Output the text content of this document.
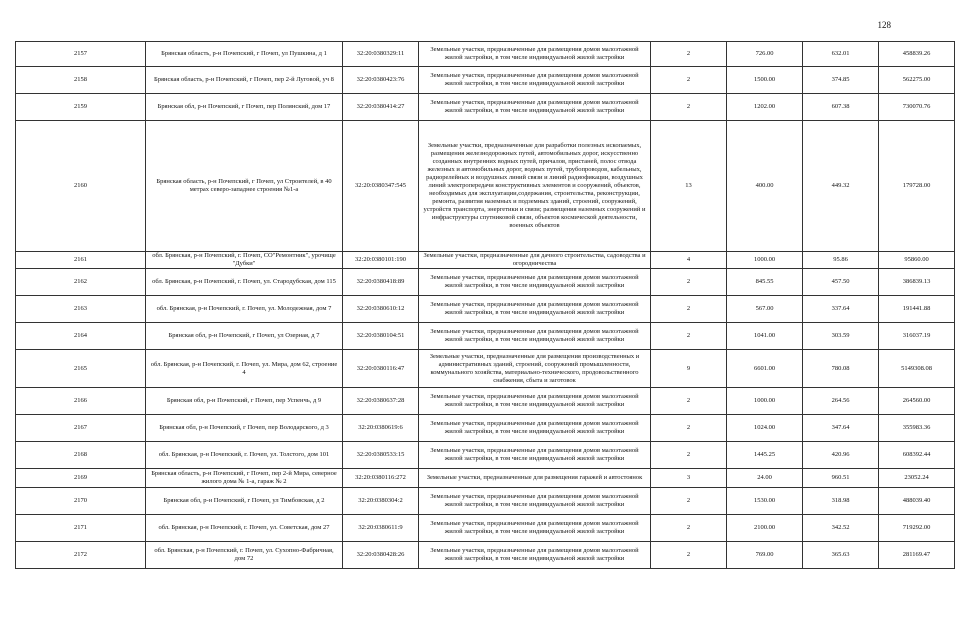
128
2157	Брянская область, р-н Почепский, г Почеп, ул Пушкина, д 1	32:20:0380329:11	Земельные участки, предназначенные для размещения домов малоэтажной жилой застройки, в том числе индивидуальной жилой застройки	2	726.00	632.01	458839.26
2158	Брянская область, р-н Почепский, г Почеп, пер 2-й Луговой, уч 8	32:20:0380423:76	Земельные участки, предназначенные для размещения домов малоэтажной жилой застройки, в том числе индивидуальной жилой застройки	2	1500.00	374.85	562275.00
2159	Брянская обл, р-н Почепский, г Почеп, пер Полянский, дом 17	32:20:0380414:27	Земельные участки, предназначенные для размещения домов малоэтажной жилой застройки, в том числе индивидуальной жилой застройки	2	1202.00	607.38	730070.76
2160	Брянская область, р-н Почепский, г Почеп, ул Строителей, в 40 метрах северо-западнее строения №1-а	32:20:0380347:545	Земельные участки, предназначенные для разработки полезных ископаемых, размещения железнодорожных путей, автомобильных дорог, искусственно созданных внутренних водных путей, причалов, пристаней, полос отвода железных и автомобильных дорог, водных путей, трубопроводов, кабельных, радиорелейных и воздушных линий связи и линий радиофикации, воздушных линий электропередачи конструктивных элементов и сооружений, объектов, необходимых для эксплуатации,содержания, строительства, реконструкции, ремонта, развития наземных и подземных зданий, строений, сооружений, устройств транспорта, энергетики и связи; размещения наземных сооружений и инфраструктуры спутниковой связи, объектов космической деятельности, военных объектов	13	400.00	449.32	179728.00
2161	обл. Брянская, р-н Почепский, г. Почеп, СО"Ремонтник", урочище "Дубки"	32:20:0380101:190	Земельные участки, предназначенные для дачного строительства, садоводства и огородничества	4	1000.00	95.86	95860.00
2162	обл. Брянская, р-н Почепский, г. Почеп, ул. Стародубская, дом 115	32:20:0380418:89	Земельные участки, предназначенные для размещения домов малоэтажной жилой застройки, в том числе индивидуальной жилой застройки	2	845.55	457.50	386839.13
2163	обл. Брянская, р-н Почепский, г. Почеп, ул. Молодежная, дом 7	32:20:0380610:12	Земельные участки, предназначенные для размещения домов малоэтажной жилой застройки, в том числе индивидуальной жилой застройки	2	567.00	337.64	191441.88
2164	Брянская обл, р-н Почепский, г Почеп, ул Озерная, д 7	32:20:0380104:51	Земельные участки, предназначенные для размещения домов малоэтажной жилой застройки, в том числе индивидуальной жилой застройки	2	1041.00	303.59	316037.19
2165	обл. Брянская, р-н Почепский, г. Почеп, ул. Мира, дом 62, строение 4	32:20:0380116:47	Земельные участки, предназначенные для размещения производственных и административных зданий, строений, сооружений промышленности, коммунального хозяйства, материально-технического, продовольственного снабжения, сбыта и заготовок	9	6601.00	780.08	5149308.08
2166	Брянская обл, р-н Почепский, г Почеп, пер Успенчь, д 9	32:20:0380637:28	Земельные участки, предназначенные для размещения домов малоэтажной жилой застройки, в том числе индивидуальной жилой застройки	2	1000.00	264.56	264560.00
2167	Брянская обл, р-н Почепский, г Почеп, пер Володарского, д 3	32:20:0380619:6	Земельные участки, предназначенные для размещения домов малоэтажной жилой застройки, в том числе индивидуальной жилой застройки	2	1024.00	347.64	355983.36
2168	обл. Брянская, р-н Почепский, г. Почеп, ул. Толстого, дом 101	32:20:0380533:15	Земельные участки, предназначенные для размещения домов малоэтажной жилой застройки, в том числе индивидуальной жилой застройки	2	1445.25	420.96	608392.44
2169	Брянская область, р-н Почепский, г Почеп, пер 2-й Мира, северное жилого дома № 1-а, гараж № 2	32:20:0380116:272	Земельные участки, предназначенные для размещения гаражей и автостоянок	3	24.00	960.51	23052.24
2170	Брянская обл, р-н Почепский, г Почеп, ул Тимбовская, д 2	32:20:0380304:2	Земельные участки, предназначенные для размещения домов малоэтажной жилой застройки, в том числе индивидуальной жилой застройки	2	1530.00	318.98	488039.40
2171	обл. Брянская, р-н Почепский, г. Почеп, ул. Советская, дом 27	32:20:0380611:9	Земельные участки, предназначенные для размещения домов малоэтажной жилой застройки, в том числе индивидуальной жилой застройки	2	2100.00	342.52	719292.00
2172	обл. Брянская, р-н Почепский, г. Почеп, ул. Сухопно-Фабричная, дом 72	32:20:0380428:26	Земельные участки, предназначенные для размещения домов малоэтажной жилой застройки, в том числе индивидуальной жилой застройки	2	769.00	365.63	281169.47
